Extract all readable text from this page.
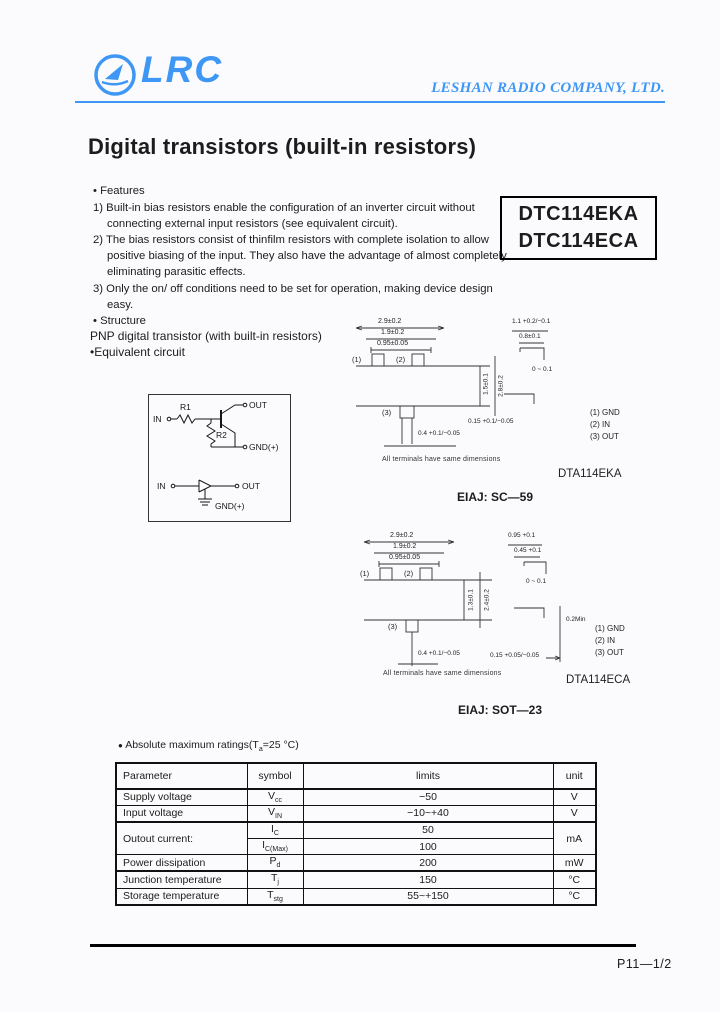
LRC	LESHAN RADIO COMPANY, LTD.
Digital transistors (built-in resistors)
• Features
1) Built-in bias resistors enable the configuration of an inverter circuit without connecting external input resistors (see equivalent circuit).
2) The bias resistors consist of thinfilm resistors with complete isolation to allow positive biasing of the input. They also have the advantage of almost completely eliminating parasitic effects.
3) Only the on/ off conditions need to be set for operation, making device design easy.
• Structure
PNP digital transistor (with built-in resistors)
•Equivalent circuit
DTC114EKA
DTC114ECA
IN
R1
R2
OUT
GND(+)
IN	OUT
GND(+)
2.9±0.2
1.9±0.2
0.95±0.05
(1)	(2)
(3)
0.4 +0.1/−0.05
1.5±0.1 2.8±0.2
1.1 +0.2/−0.1
0.8±0.1
0 ~ 0.1
0.15 +0.1/−0.05
(1) GND
(2) IN
(3) OUT
All terminals have same dimensions
DTA114EKA
EIAJ: SC—59
2.9±0.2
1.9±0.2
0.95±0.05
(1)	(2)
(3)
0.4 +0.1/−0.05
1.3±0.1 2.4±0.2
0.95 +0.1
0.45 +0.1
0 ~ 0.1
0.2Min
0.15 +0.05/−0.05
(1) GND
(2) IN
(3) OUT
All terminals have same dimensions
DTA114ECA
EIAJ: SOT—23
● Absolute maximum $ratings(T_a=25$ °C)
Parameter	symbol	limits	unit
Supply voltage	$V_{cc}$	−50	V
Input voltage	$V_{IN}$	−10~+40	V
Outout current:	$I_C$	50	mA
	$I_{C(Max)}$	100	
Power dissipation	$P_d$	200	mW
Junction temperature	$T_j$	150	°C
Storage temperature	$T_{stg}$	55~+150	°C
P11—1/2
